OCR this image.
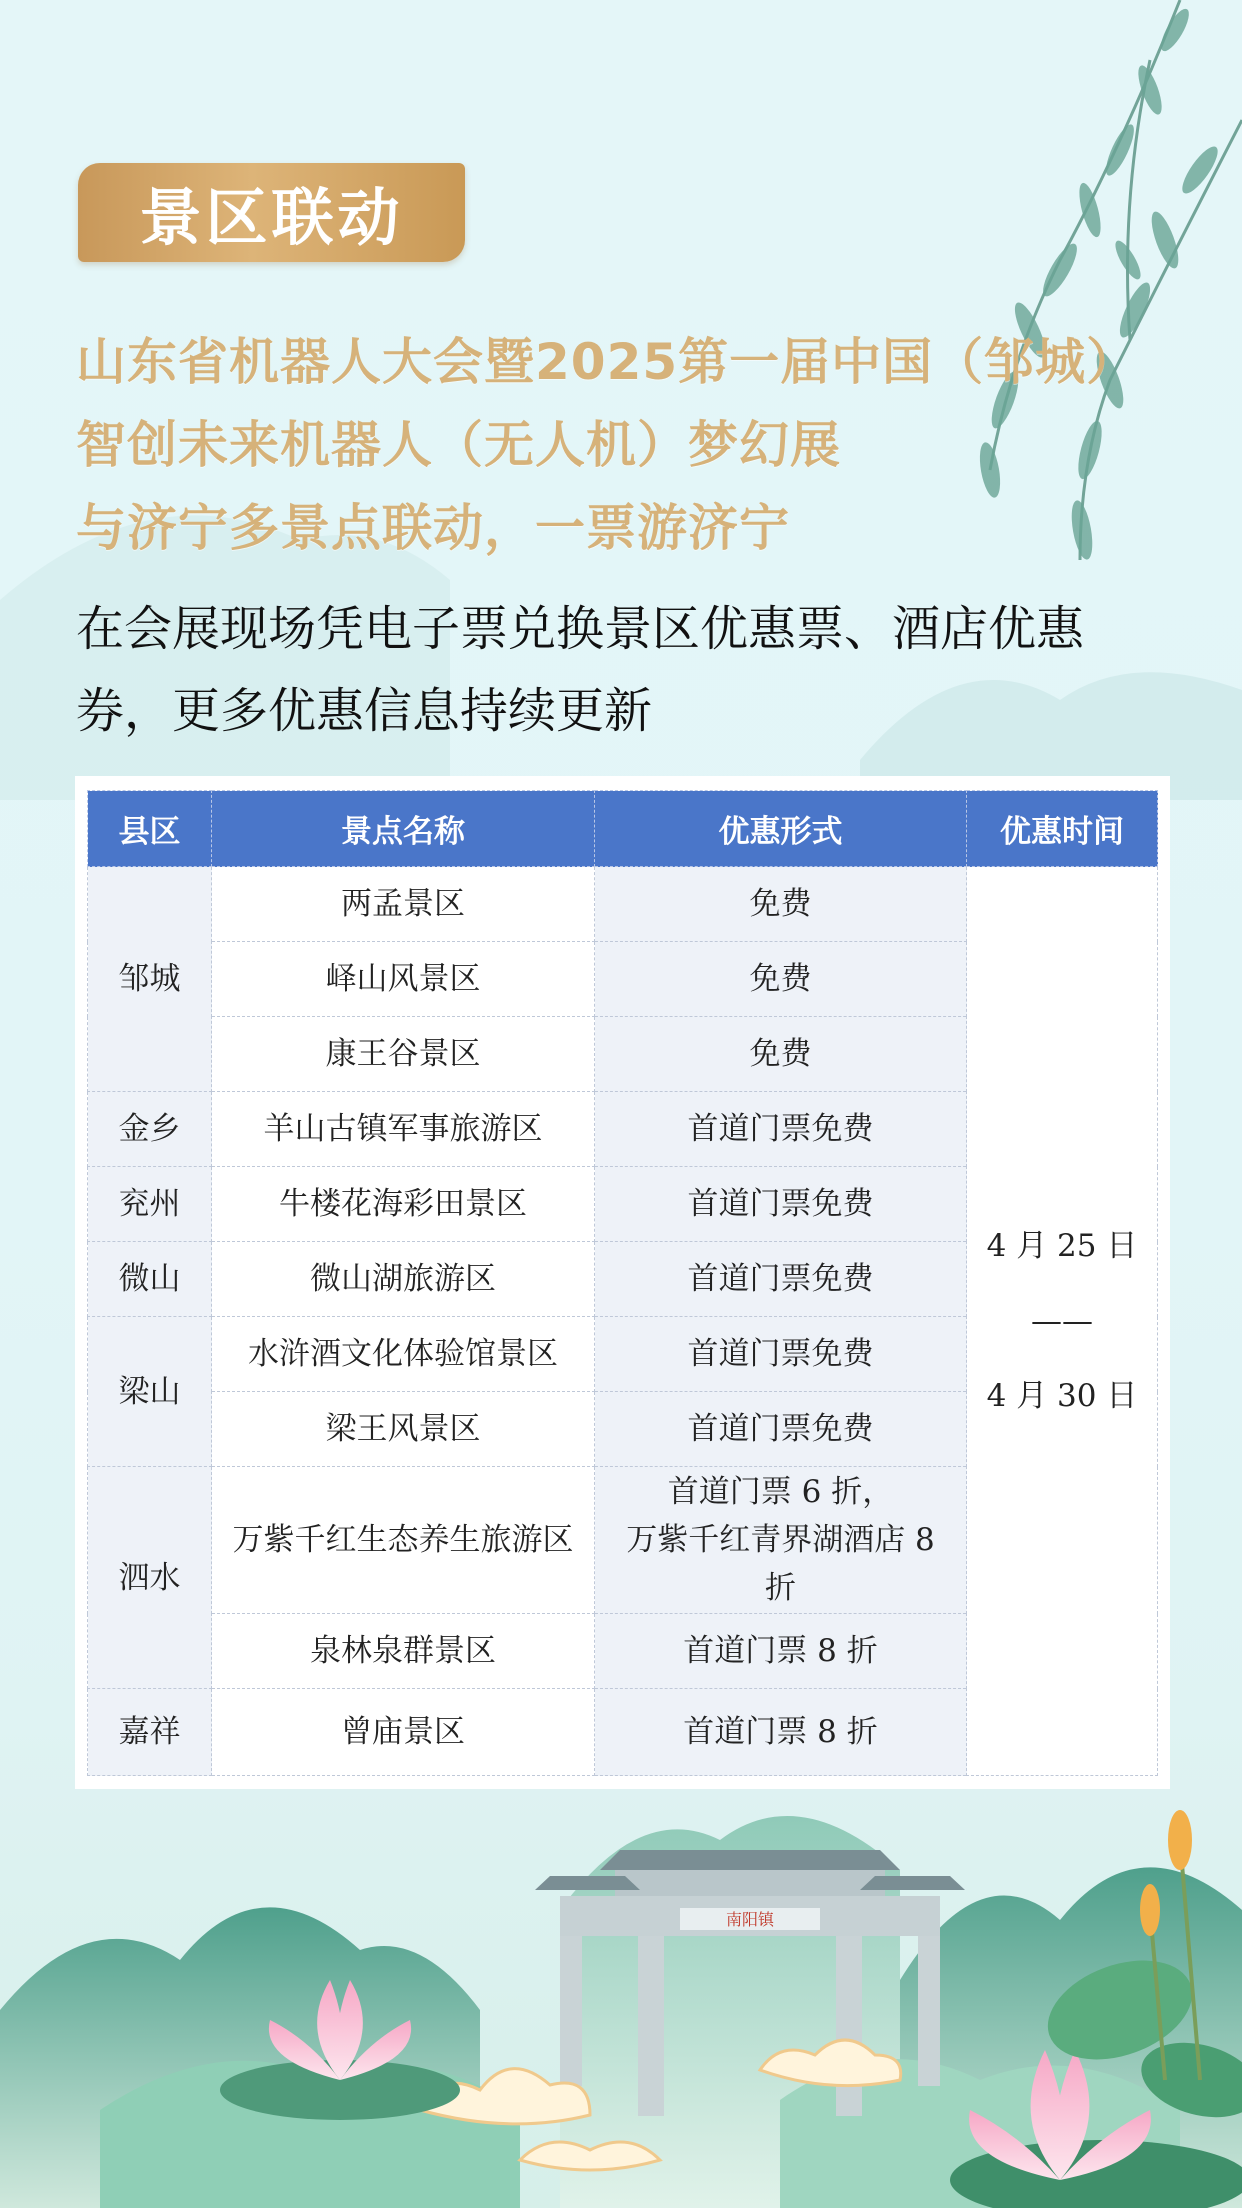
景区联动
山东省机器人大会暨2025第一届中国（邹城）
智创未来机器人（无人机）梦幻展
与济宁多景点联动，一票游济宁
在会展现场凭电子票兑换景区优惠票、酒店优惠
券，更多优惠信息持续更新
县区	景点名称	优惠形式	优惠时间
邹城	两孟景区	免费	4 月 25 日
——
4 月 30 日

	峄山风景区	免费	
	康王谷景区	免费	
金乡	羊山古镇军事旅游区	首道门票免费	
兖州	牛楼花海彩田景区	首道门票免费	
微山	微山湖旅游区	首道门票免费	
梁山	水浒酒文化体验馆景区	首道门票免费	
	梁王风景区	首道门票免费	
泗水	万紫千红生态养生旅游区	首道门票 6 折，
万紫千红青界湖酒店 8
折	

	泉林泉群景区	首道门票 8 折	
嘉祥	曾庙景区	首道门票 8 折	
南阳镇
